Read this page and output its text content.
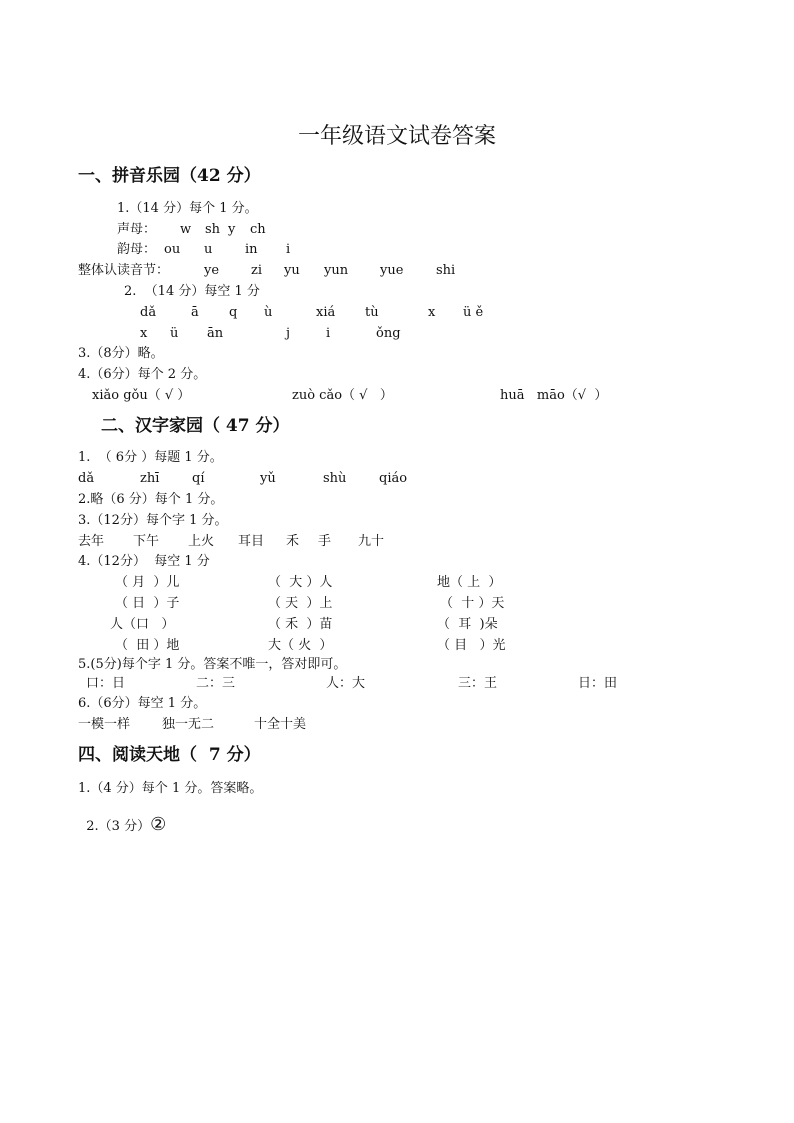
一年级语文试卷答案
一、拼音乐园（42 分）
1.（14 分）每个 1 分。
声母： w sh y ch
韵母： ou u	in i
整体认读音节：	ye zi yu yun yue	shi
2.  （14 分）每空 1 分
dǎ	ā q ù	xiá tù	x ü ě
x ü ān	j	i	ǒng
3.（8分）略。
4.（6分）每个 2 分。
xiǎo gǒu（ √ ）	zuò cǎo（ √   ）	huā   māo（√  ）
二、汉字家园（ 47 分）
1.  （ 6分 ）每题 1 分。
dǎ	zhī	qí	yǔ	shù	qiáo
2.略（6 分）每个 1 分。
3.（12分）每个字 1 分。
去年 下午 上火 耳目 禾 手 九十
4.（12分）  每空 1 分
（ 月  ）儿	（  大 ）人	地（ 上  ）
（ 日  ）子	（ 天  ）上	（  十 ）天
人（口   ）	（ 禾  ）苗	（  耳  )朵
（  田 ）地	大（ 火  ）	（ 目   ）光
5.(5分)每个字 1 分。答案不唯一，答对即可。
口：日	二：三	人：大	三：王	日：田
6.（6分）每空 1 分。
一模一样 独一无二	十全十美
四、阅读天地（  7 分）
1.（4 分）每个 1 分。答案略。

2.（3 分）②
